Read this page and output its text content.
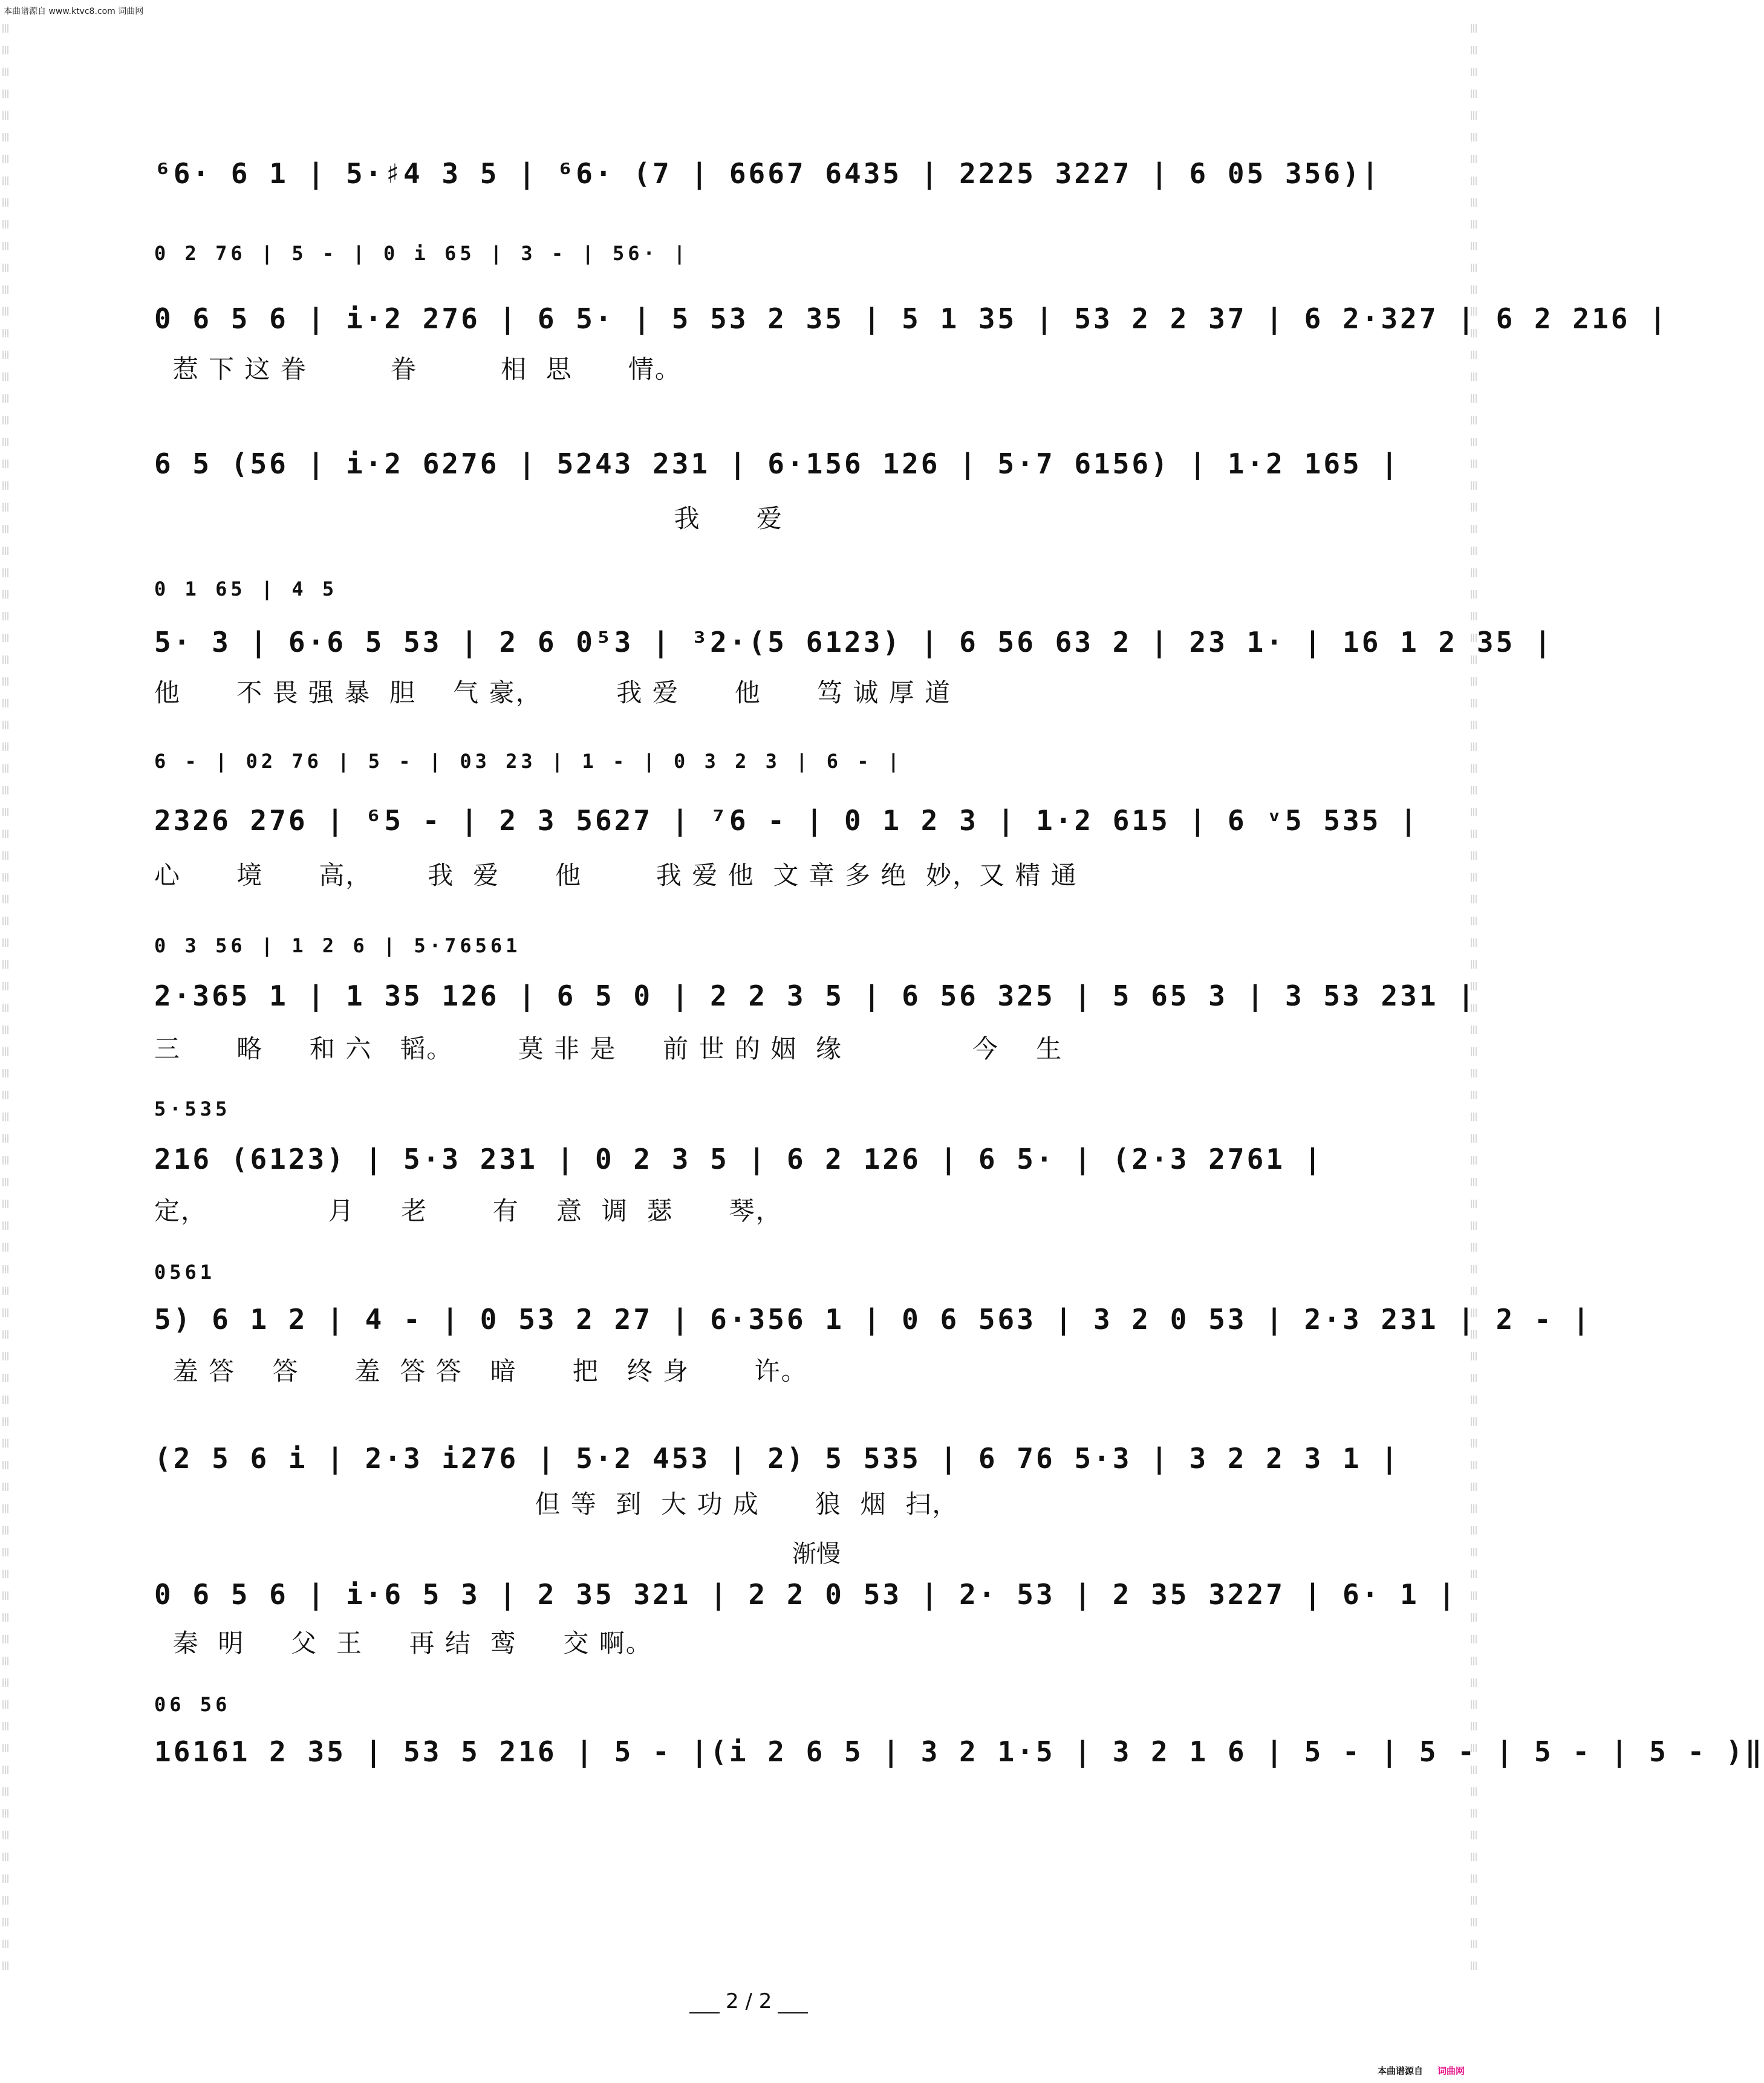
本曲谱源自 www.ktvc8.com 词曲网
⁶6· 6 1 | 5·♯4 3 5 | ⁶6· (7 | 6667 6435 | 2225 3227 | 6 05 356)|
0 2 76 | 5 - | 0 i 65 | 3 - | 56· |
0 6 5 6 | i·2 276 | 6 5· | 5 53 2 35 | 5 1 35 | 53 2 2 37 | 6 2·327 | 6 2 216 |
惹 下 这 眷         眷         相  思      情。
6 5 (56 | i·2 6276 | 5243 231 | 6·156 126 | 5·7 6156) | 1·2 165 |
我      爱
0 1 65 | 4 5
5· 3 | 6·6 5 53 | 2 6 0⁵3 | ³2·(5 6123) | 6 56 63 2 | 23 1· | 16 1 2 35 |
他      不 畏 强 暴  胆    气 豪，        我 爱      他      笃 诚 厚 道
6 - | 02 76 | 5 - | 03 23 | 1 - | 0 3 2 3 | 6 - |
2326 276 | ⁶5 - | 2 3 5627 | ⁷6 - | 0 1 2 3 | 1·2 615 | 6 ᵛ5 535 |
心      境      高，      我  爱      他        我 爱 他  文 章 多 绝  妙，又 精 通
0 3 56 | 1 2 6 | 5·76561
2·365 1 | 1 35 126 | 6 5 0 | 2 2 3 5 | 6 56 325 | 5 65 3 | 3 53 231 |
三      略     和 六   韬。       莫 非 是     前 世 的 姻  缘              今    生
5·535
216 (6123) | 5·3 231 | 0 2 3 5 | 6 2 126 | 6 5· | (2·3 2761 |
定，             月     老       有    意  调  瑟      琴，
0561
5) 6 1 2 | 4 - | 0 53 2 27 | 6·356 1 | 0 6 563 | 3 2 0 53 | 2·3 231 | 2 - |
羞 答    答      羞  答 答   暗      把   终 身       许。
(2 5 6 i | 2·3 i276 | 5·2 453 | 2) 5 535 | 6 76 5·3 | 3 2 2 3 1 |
但 等  到  大 功 成      狼  烟  扫，
渐慢
0 6 5 6 | i·6 5 3 | 2 35 321 | 2 2 0 53 | 2· 53 | 2 35 3227 | 6· 1 |
秦  明     父  王     再 结  鸾     交 啊。
06 56
16161 2 35 | 53 5 216 | 5 - |(i 2 6 5 | 3 2 1·5 | 3 2 1 6 | 5 - | 5 - | 5 - | 5 - )‖
2 / 2
本曲谱源自 词曲网
